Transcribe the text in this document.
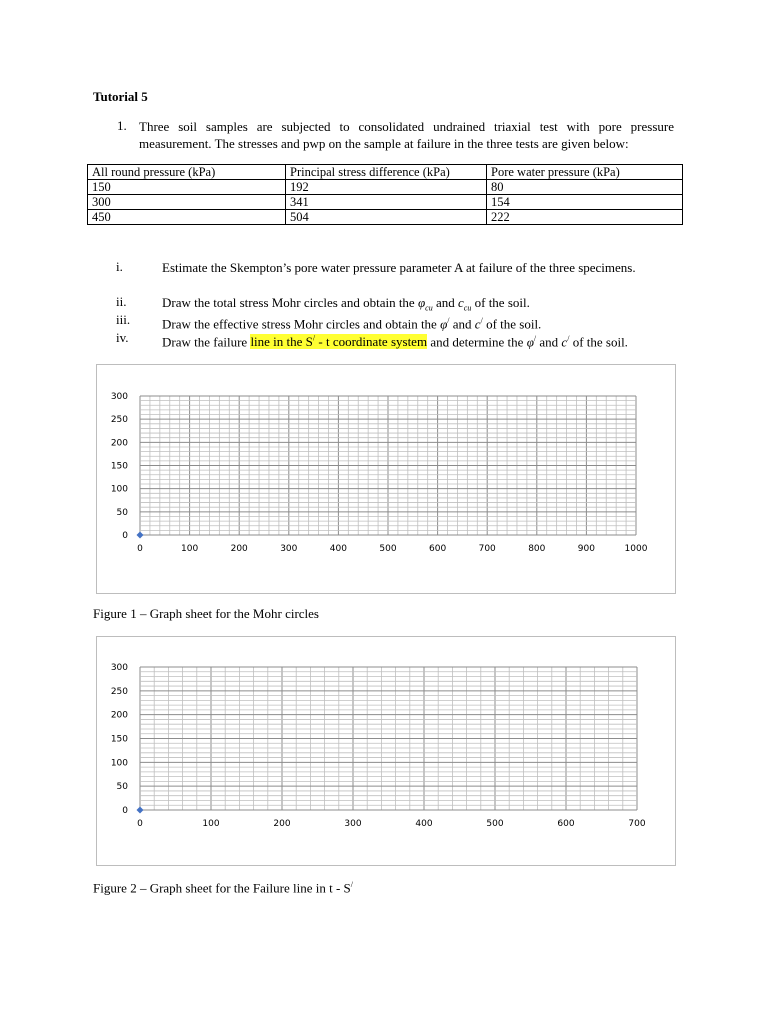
Tutorial 5
1. Three soil samples are subjected to consolidated undrained triaxial test with pore pressure measurement. The stresses and pwp on the sample at failure in the three tests are given below:
All round pressure (kPa)	Principal stress difference (kPa)	Pore water pressure (kPa)
150	192	80
300	341	154
450	504	222
i.	Estimate the Skempton’s pore water pressure parameter A at failure of the three specimens.
ii.	Draw the total stress Mohr circles and obtain the $\varphi_{cu}$ and $c_{cu}$ of the soil.
iii. Draw the effective stress Mohr circles and obtain the φ/ and c/ of the soil.
iv.	Draw the failure line in the S/ - t coordinate system and determine the φ/ and c/ of the soil.
0
50
100
150
200
250
300
0	100	200	300	400	500	600	700	800	900	1000
Figure 1 – Graph sheet for the Mohr circles
0
50
100
150
200
250
300
0	100	200	300	400	500	600	700
Figure 2 – Graph sheet for the Failure line in t - S/
